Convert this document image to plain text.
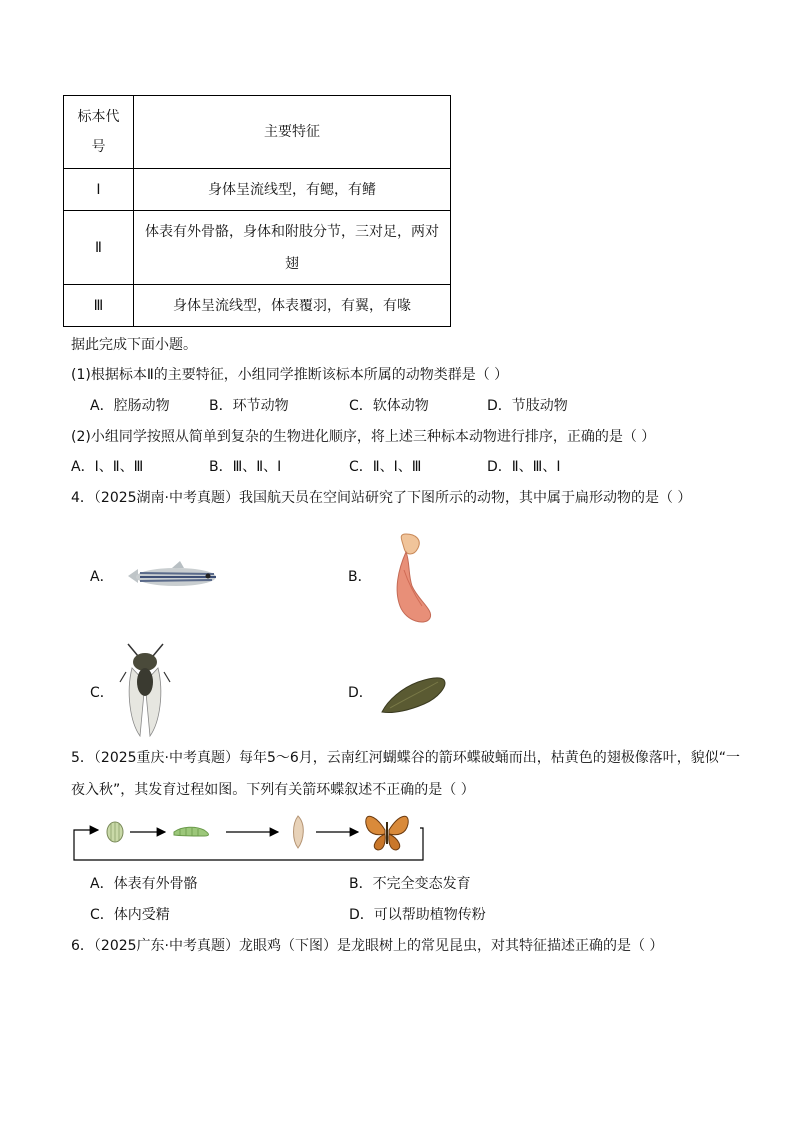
标本代号	主要特征
Ⅰ	身体呈流线型，有鳃，有鳍
Ⅱ	体表有外骨骼，身体和附肢分节，三对足，两对翅
Ⅲ	身体呈流线型，体表覆羽，有翼，有喙
据此完成下面小题。
(1)根据标本Ⅱ的主要特征，小组同学推断该标本所属的动物类群是（ ）
A．腔肠动物	B．环节动物	C．软体动物	D．节肢动物
(2)小组同学按照从简单到复杂的生物进化顺序，将上述三种标本动物进行排序，正确的是（ ）
A．Ⅰ、Ⅱ、Ⅲ	B．Ⅲ、Ⅱ、Ⅰ	C．Ⅱ、Ⅰ、Ⅲ	D．Ⅱ、Ⅲ、Ⅰ
4．（2025湖南·中考真题）我国航天员在空间站研究了下图所示的动物，其中属于扁形动物的是（ ）
A．	B．
C．	D．
5．（2025重庆·中考真题）每年5～6月，云南红河蝴蝶谷的箭环蝶破蛹而出，枯黄色的翅极像落叶，貌似“一
夜入秋”，其发育过程如图。下列有关箭环蝶叙述不正确的是（ ）
A．体表有外骨骼	B．不完全变态发育
C．体内受精	D．可以帮助植物传粉
6．（2025广东·中考真题）龙眼鸡（下图）是龙眼树上的常见昆虫，对其特征描述正确的是（ ）
